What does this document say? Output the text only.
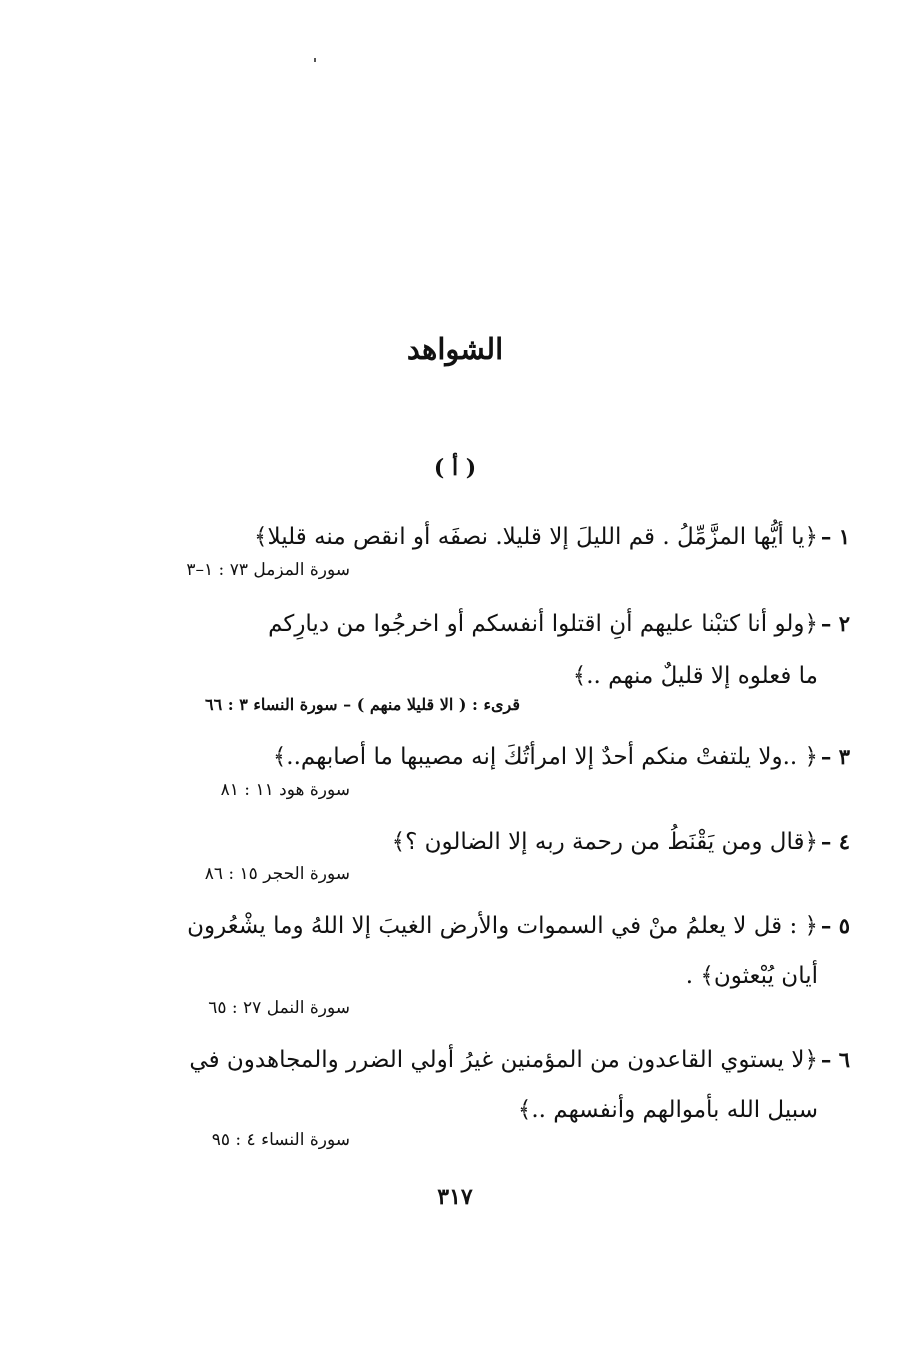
الشواهد
( أ )
١ –
﴿يا أيُّها المزَّمِّلُ . قم الليلَ إلا قليلا. نصفَه أو انقص منه قليلا﴾
سورة المزمل ٧٣ : ١–٣
٢ –
﴿ولو أنا كتبْنا عليهم أنِ اقتلوا أنفسكم أو اخرجُوا من ديارِكم
ما فعلوه إلا قليلٌ منهم ..﴾
قرىء : ( الا قليلا منهم ) – سورة النساء ٣ : ٦٦
٣ –
﴿ ..ولا يلتفتْ منكم أحدٌ إلا امرأتُكَ إنه مصيبها ما أصابهم..﴾
سورة هود ١١ : ٨١
٤ –
﴿قال ومن يَقْنَطُ من رحمة ربه إلا الضالون ؟﴾
سورة الحجر ١٥ : ٨٦
٥ –
﴿ : قل لا يعلمُ منْ في السموات والأرض الغيبَ إلا اللهُ وما يشْعُرون
أيان يُبْعثون﴾ .
سورة النمل ٢٧ : ٦٥
٦ –
﴿لا يستوي القاعدون من المؤمنين غيرُ أولي الضرر والمجاهدون في
سبيل الله بأموالهم وأنفسهم ..﴾
سورة النساء ٤ : ٩٥
٣١٧
